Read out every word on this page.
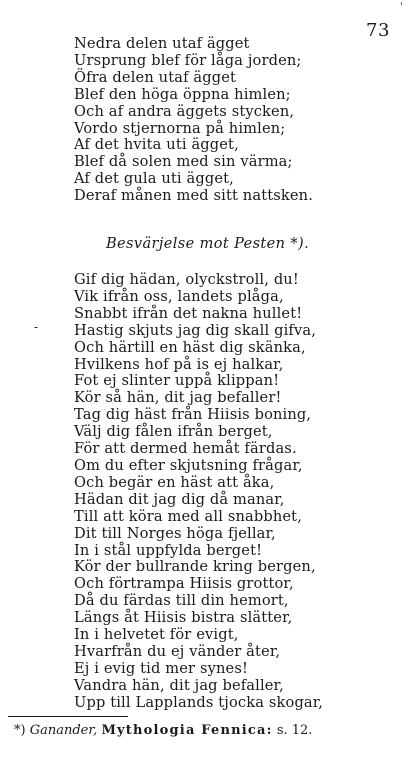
'
73
Nedra delen utaf ägget
Ursprung blef för låga jorden;
Öfra delen utaf ägget
Blef den höga öppna himlen;
Och af andra äggets stycken,
Vordo stjernorna på himlen;
Af det hvita uti ägget,
Blef då solen med sin värma;
Af det gula uti ägget,
Deraf månen med sitt nattsken.
Besvärjelse mot Pesten *).
-
Gif dig hädan, olyckstroll, du!
Vik ifrån oss, landets plåga,
Snabbt ifrån det nakna hullet!
Hastig skjuts jag dig skall gifva,
Och härtill en häst dig skänka,
Hvilkens hof på is ej halkar,
Fot ej slinter uppå klippan!
Kör så hän, dit jag befaller!
Tag dig häst från Hiisis boning,
Välj dig fålen ifrån berget,
För att dermed hemåt färdas.
Om du efter skjutsning frågar,
Och begär en häst att åka,
Hädan dit jag dig då manar,
Till att köra med all snabbhet,
Dit till Norges höga fjellar,
In i stål uppfylda berget!
Kör der bullrande kring bergen,
Och förtrampa Hiisis grottor,
Då du färdas till din hemort,
Längs åt Hiisis bistra slätter,
In i helvetet för evigt,
Hvarfrån du ej vänder åter,
Ej i evig tid mer synes!
Vandra hän, dit jag befaller,
Upp till Lapplands tjocka skogar,
*) Ganander, Mythologia Fennica: s. 12.
